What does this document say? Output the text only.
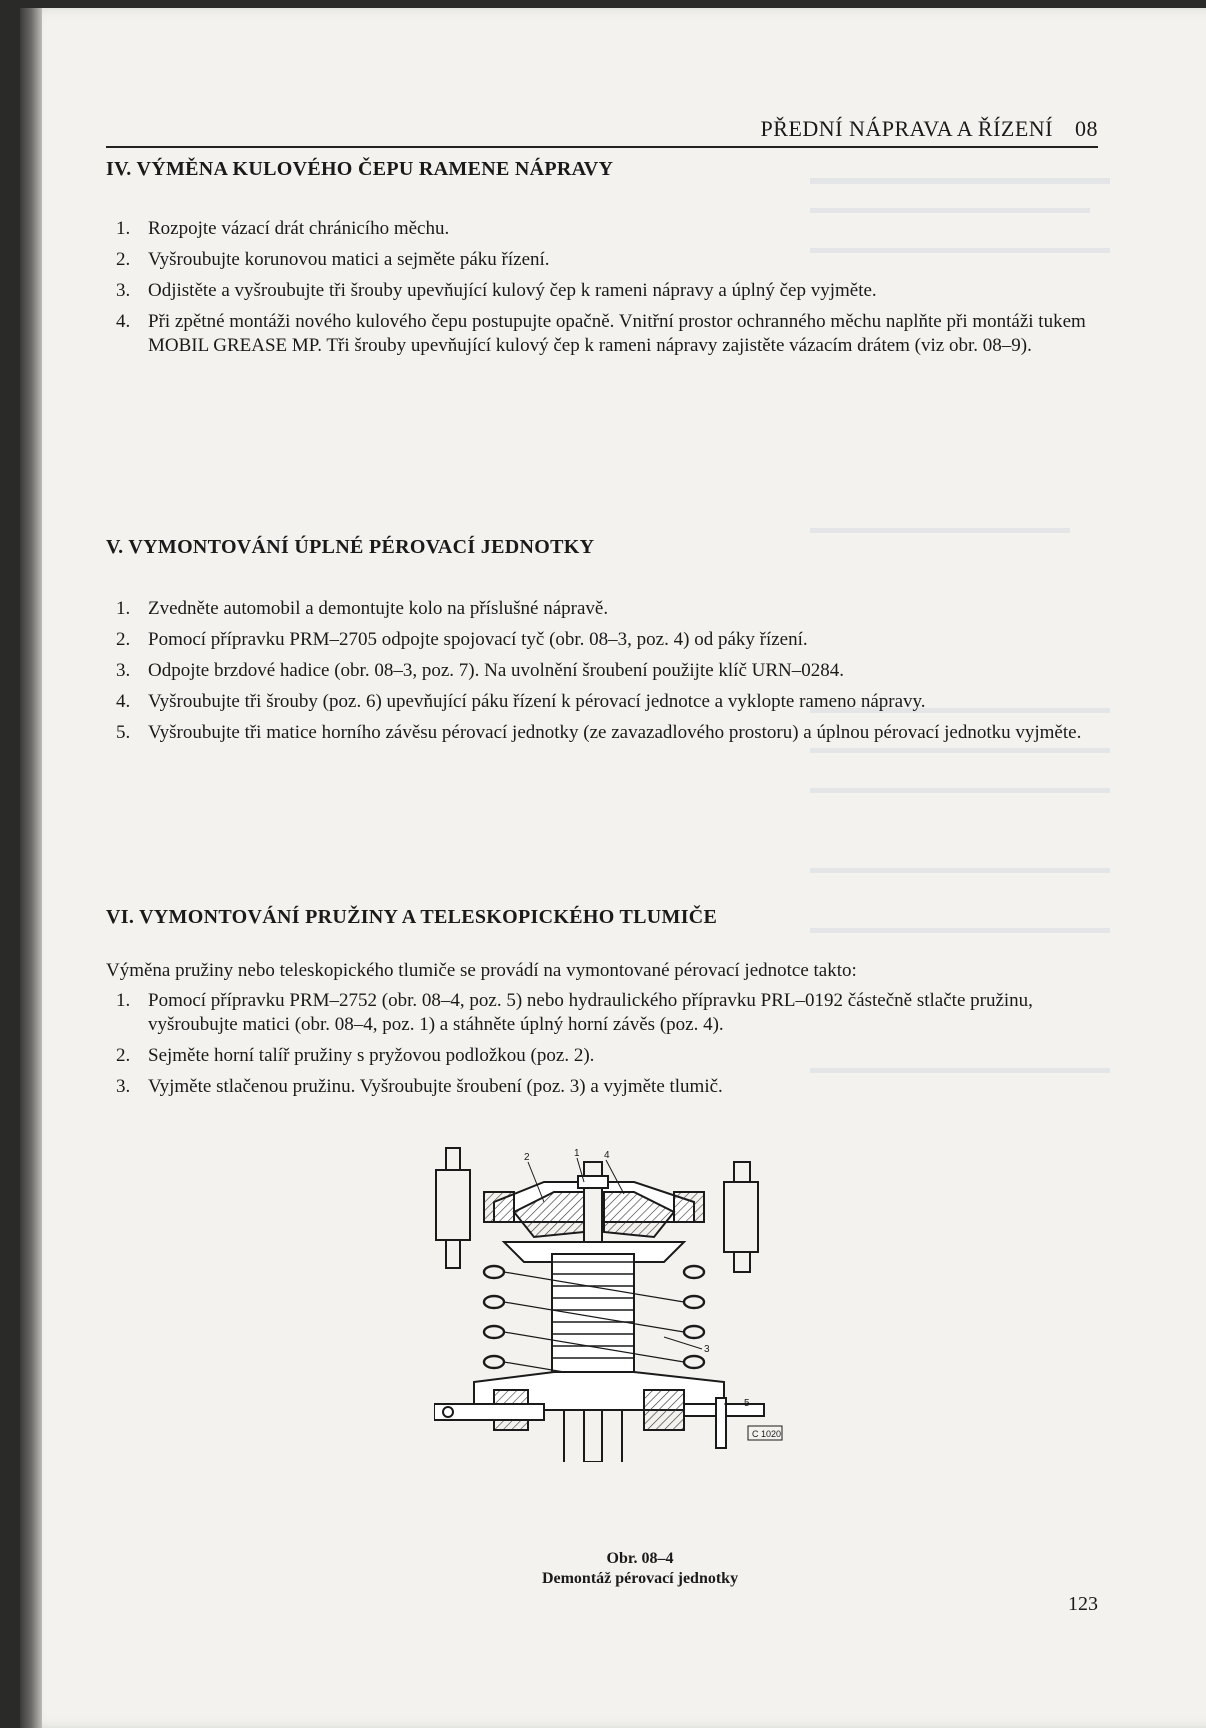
PŘEDNÍ NÁPRAVA A ŘÍZENÍ 08
IV. VÝMĚNA KULOVÉHO ČEPU RAMENE NÁPRAVY
1. Rozpojte vázací drát chránicího měchu.
2. Vyšroubujte korunovou matici a sejměte páku řízení.
3. Odjistěte a vyšroubujte tři šrouby upevňující kulový čep k rameni nápravy a úplný čep vyjměte.
4. Při zpětné montáži nového kulového čepu postupujte opačně. Vnitřní prostor ochranného měchu naplňte při montáži tukem MOBIL GREASE MP. Tři šrouby upevňující kulový čep k rameni nápravy zajistěte vázacím drátem (viz obr. 08–9).
V. VYMONTOVÁNÍ ÚPLNÉ PÉROVACÍ JEDNOTKY
1. Zvedněte automobil a demontujte kolo na příslušné nápravě.
2. Pomocí přípravku PRM–2705 odpojte spojovací tyč (obr. 08–3, poz. 4) od páky řízení.
3. Odpojte brzdové hadice (obr. 08–3, poz. 7). Na uvolnění šroubení použijte klíč URN–0284.
4. Vyšroubujte tři šrouby (poz. 6) upevňující páku řízení k pérovací jednotce a vyklopte rameno nápravy.
5. Vyšroubujte tři matice horního závěsu pérovací jednotky (ze zavazadlového prostoru) a úplnou pérovací jednotku vyjměte.
VI. VYMONTOVÁNÍ PRUŽINY A TELESKOPICKÉHO TLUMIČE

Výměna pružiny nebo teleskopického tlumiče se provádí na vymontované pérovací jednotce takto:

1. Pomocí přípravku PRM–2752 (obr. 08–4, poz. 5) nebo hydraulického přípravku PRL–0192 částečně stlačte pružinu, vyšroubujte matici (obr. 08–4, poz. 1) a stáhněte úplný horní závěs (poz. 4).
2. Sejměte horní talíř pružiny s pryžovou podložkou (poz. 2).
3. Vyjměte stlačenou pružinu. Vyšroubujte šroubení (poz. 3) a vyjměte tlumič.
2	1 4
3
5
C 1020
Obr. 08–4
Demontáž pérovací jednotky
123
